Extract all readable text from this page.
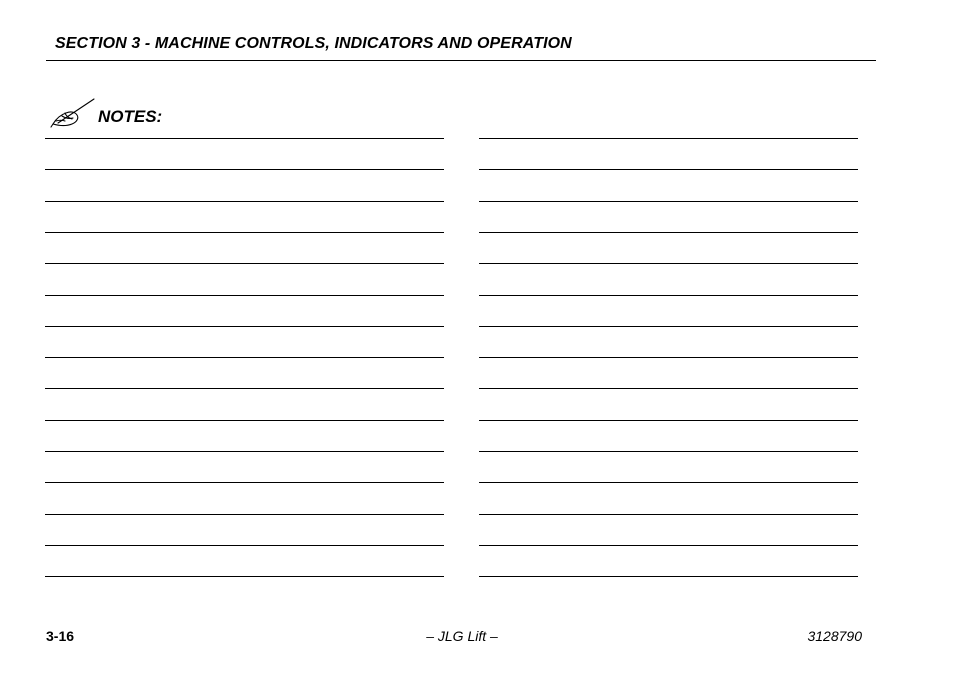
SECTION 3 - MACHINE CONTROLS, INDICATORS AND OPERATION
NOTES:
3-16	– JLG Lift –	3128790
